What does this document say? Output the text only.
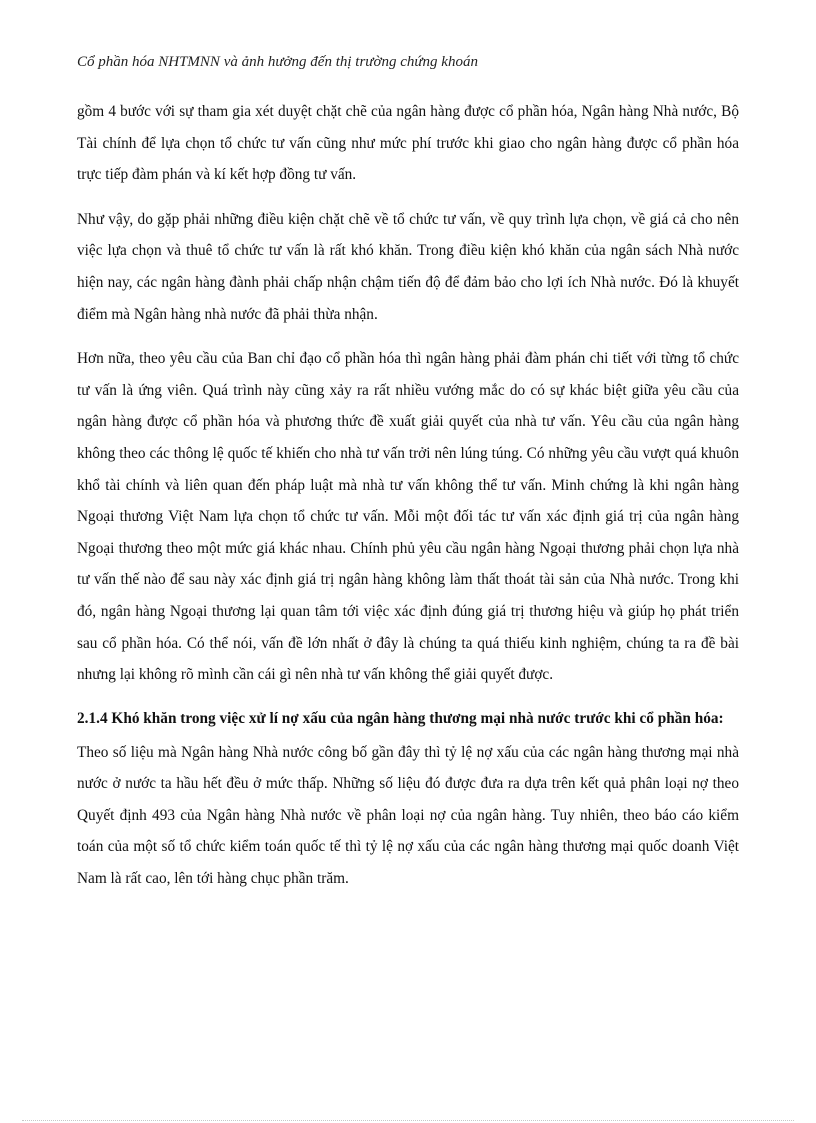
Cổ phần hóa NHTMNN và ảnh hưởng đến thị trường chứng khoán

gồm 4 bước với sự tham gia xét duyệt chặt chẽ của ngân hàng được cổ phần hóa, Ngân hàng Nhà nước, Bộ Tài chính để lựa chọn tổ chức tư vấn cũng như mức phí trước khi giao cho ngân hàng được cổ phần hóa trực tiếp đàm phán và kí kết hợp đồng tư vấn.

Như vậy, do gặp phải những điều kiện chặt chẽ về tổ chức tư vấn, về quy trình lựa chọn, về giá cả cho nên việc lựa chọn và thuê tổ chức tư vấn là rất khó khăn. Trong điều kiện khó khăn của ngân sách Nhà nước hiện nay, các ngân hàng đành phải chấp nhận chậm tiến độ để đảm bảo cho lợi ích Nhà nước. Đó là khuyết điểm mà Ngân hàng nhà nước đã phải thừa nhận.

Hơn nữa, theo yêu cầu của Ban chỉ đạo cổ phần hóa thì ngân hàng phải đàm phán chi tiết với từng tổ chức tư vấn là ứng viên. Quá trình này cũng xảy ra rất nhiều vướng mắc do có sự khác biệt giữa yêu cầu của ngân hàng được cổ phần hóa và phương thức đề xuất giải quyết của nhà tư vấn. Yêu cầu của ngân hàng không theo các thông lệ quốc tế khiến cho nhà tư vấn trởi nên lúng túng. Có những yêu cầu vượt quá khuôn khổ tài chính và liên quan đến pháp luật mà nhà tư vấn không thể tư vấn. Minh chứng là khi ngân hàng Ngoại thương Việt Nam lựa chọn tổ chức tư vấn. Mỗi một đối tác tư vấn xác định giá trị của ngân hàng Ngoại thương theo một mức giá khác nhau. Chính phủ yêu cầu ngân hàng Ngoại thương phải chọn lựa nhà tư vấn thế nào để sau này xác định giá trị ngân hàng không làm thất thoát tài sản của Nhà nước. Trong khi đó, ngân hàng Ngoại thương lại quan tâm tới việc xác định đúng giá trị thương hiệu và giúp họ phát triển sau cổ phần hóa. Có thể nói, vấn đề lớn nhất ở đây là chúng ta quá thiếu kinh nghiệm, chúng ta ra đề bài nhưng lại không rõ mình cần cái gì nên nhà tư vấn không thể giải quyết được.

2.1.4 Khó khăn trong việc xử lí nợ xấu của ngân hàng thương mại nhà nước trước khi cổ phần hóa:

Theo số liệu mà Ngân hàng Nhà nước công bố gần đây thì tỷ lệ nợ xấu của các ngân hàng thương mại nhà nước ở nước ta hầu hết đều ở mức thấp. Những số liệu đó được đưa ra dựa trên kết quả phân loại nợ theo Quyết định 493 của Ngân hàng Nhà nước về phân loại nợ của ngân hàng. Tuy nhiên, theo báo cáo kiểm toán của một số tổ chức kiểm toán quốc tế thì tỷ lệ nợ xấu của các ngân hàng thương mại quốc doanh Việt Nam là rất cao, lên tới hàng chục phần trăm.
